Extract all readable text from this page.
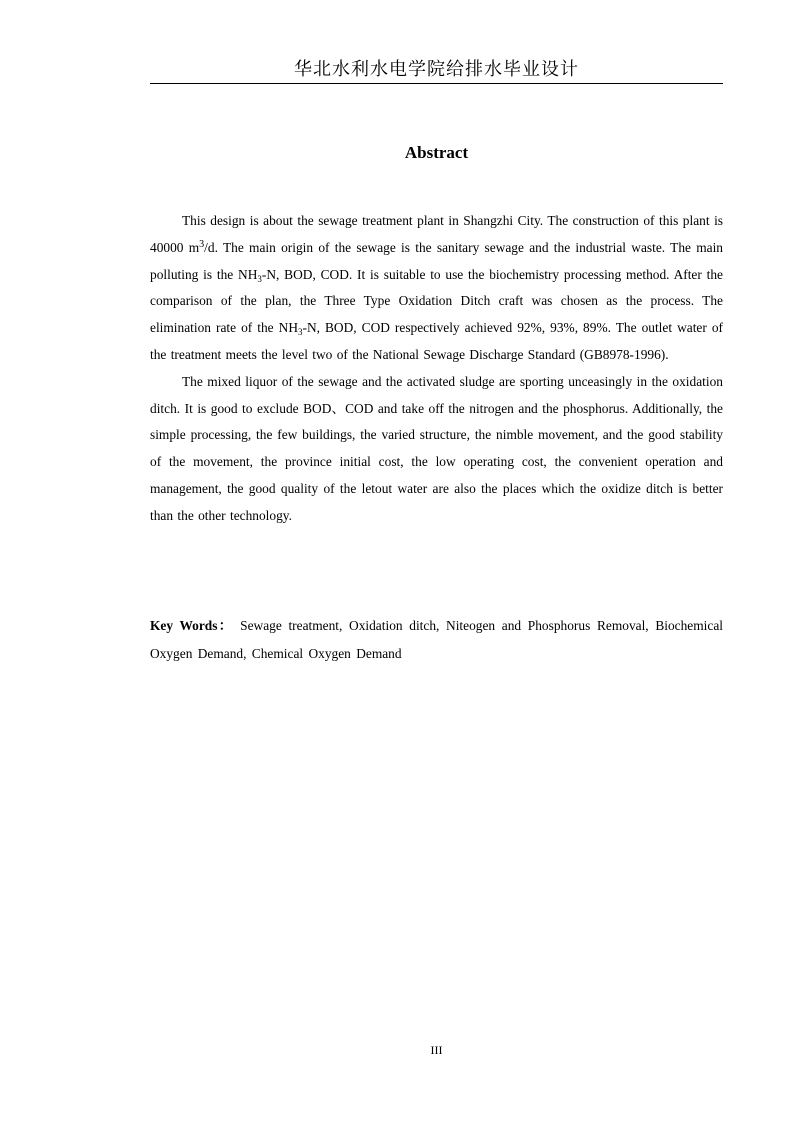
华北水利水电学院给排水毕业设计
Abstract

This design is about the sewage treatment plant in Shangzhi City. The construction of this plant is 40000 $m^3/d$. The main origin of the sewage is the sanitary sewage and the industrial waste. The main polluting is the $NH_3-N$, BOD, COD. It is suitable to use the biochemistry processing method. After the comparison of the plan, the Three Type Oxidation Ditch craft was chosen as the process. The elimination rate of the $NH_3-N$, BOD, COD respectively achieved 92%, 93%, 89%. The outlet water of the treatment meets the level two of the National Sewage Discharge Standard (GB8978-1996).

The mixed liquor of the sewage and the activated sludge are sporting unceasingly in the oxidation ditch. It is good to exclude BOD、COD and take off the nitrogen and the phosphorus. Additionally, the simple processing, the few buildings, the varied structure, the nimble movement, and the good stability of the movement, the province initial cost, the low operating cost, the convenient operation and management, the good quality of the letout water are also the places which the oxidize ditch is better than the other technology.

Key Words： Sewage treatment, Oxidation ditch, Niteogen and Phosphorus Removal, Biochemical Oxygen Demand, Chemical Oxygen Demand
III
